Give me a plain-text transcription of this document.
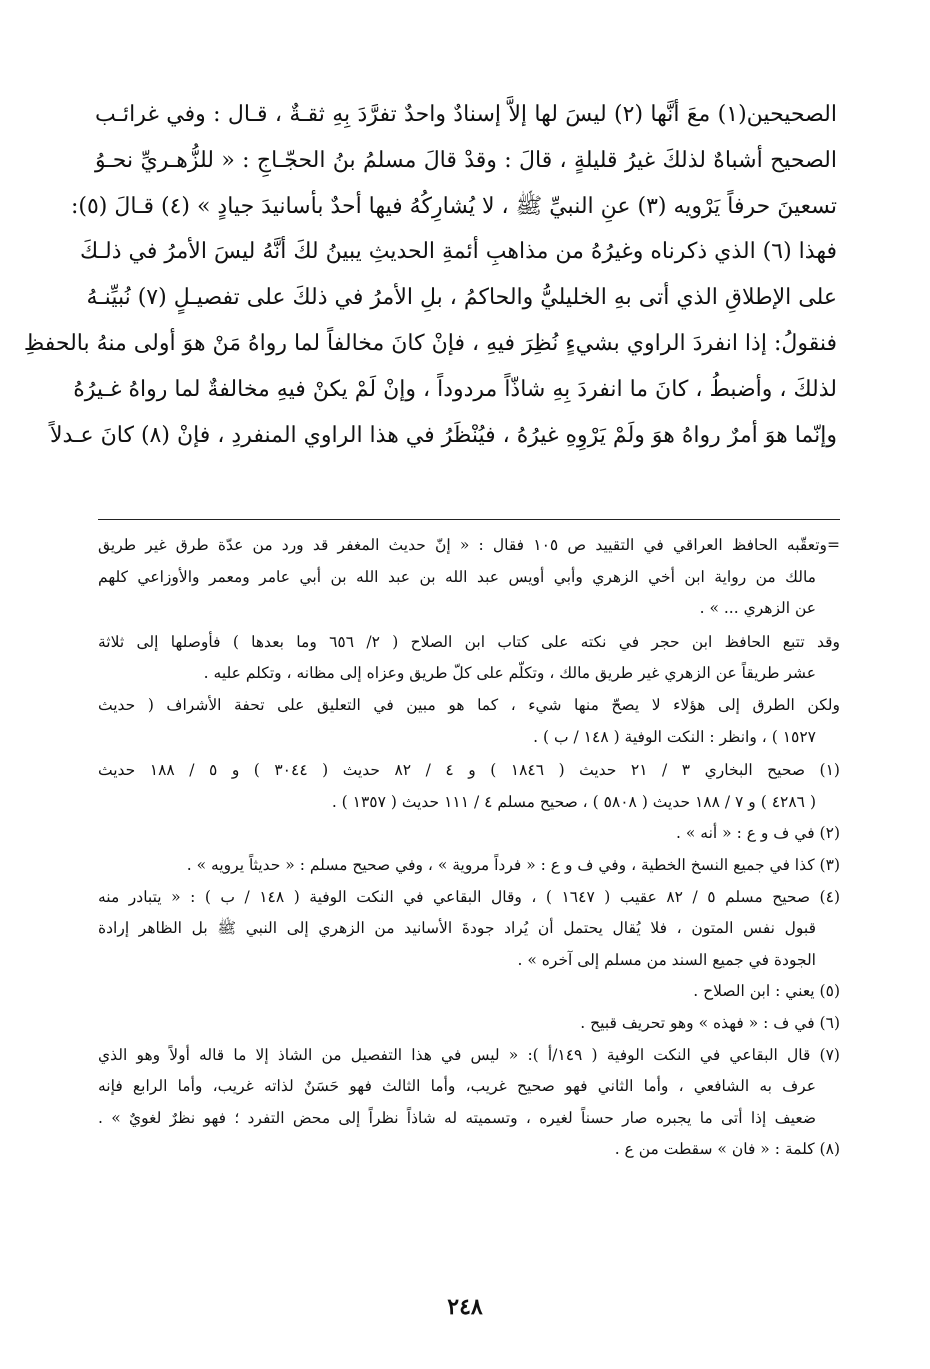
الصحيحين(١) معَ أنَّها (٢) ليسَ لها إلاَّ إسنادٌ واحدٌ تفرَّدَ بِهِ ثقـةٌ ، قـال : وفي غرائـب
الصحيح أشباهٌ لذلكَ غيرُ قليلةٍ ، قالَ : وقدْ قالَ مسلمُ بنُ الحجّـاجِ : « للزُّهـريِّ نحـوُ
تسعينَ حرفاً يَرْويه (٣) عنِ النبيِّ ﷺ ، لا يُشارِكُهُ فيها أحدٌ بأسانيدَ جيادٍ » (٤) قـالَ (٥):
فهذا (٦) الذي ذكرناه وغيرُهُ من مذاهبِ أئمةِ الحديثِ يبينُ لكَ أنَّهُ ليسَ الأمرُ في ذلـكَ
على الإطلاقِ الذي أتى بهِ الخليليُّ والحاكمُ ، بلِ الأمرُ في ذلكَ على تفصيـلٍ (٧) نُبيِّنـهُ
فنقولُ: إذا انفردَ الراوي بشيءٍ نُظِرَ فيهِ ، فإنْ كانَ مخالفاً لما رواهُ مَنْ هوَ أولى منهُ بالحفظِ
لذلكَ ، وأضبطُ ، كانَ ما انفردَ بِهِ شاذّاً مردوداً ، وإنْ لَمْ يكنْ فيهِ مخالفةٌ لما رواهُ غـيرُهُ
وإنّما هوَ أمرٌ رواهُ هوَ ولَمْ يَرْوِهِ غيرُهُ ، فيُنْظَرُ في هذا الراوي المنفردِ ، فإنْ (٨) كانَ عـدلاً
=وتعقّبه الحافظ العراقي في التقييد ص ١٠٥ فقال : « إنّ حديث المغفر قد ورد من عدّة طرق غير طريق
مالك من رواية ابن أخي الزهري وأبي أويس عبد الله بن عبد الله بن أبي عامر ومعمر والأوزاعي كلهم
عن الزهري ... » .
وقد تتبع الحافظ ابن حجر في نكته على كتاب ابن الصلاح ( ٢/ ٦٥٦ وما بعدها ) فأوصلها إلى ثلاثة
عشر طريقاً عن الزهري غير طريق مالك ، وتكلّم على كلّ طريق وعزاه إلى مظانه ، وتكلم عليه .
ولكن الطرق إلى هؤلاء لا يصحّ منها شيء ، كما هو مبين في التعليق على تحفة الأشراف ( حديث
١٥٢٧ ) ، وانظر : النكت الوفية ( ١٤٨ / ب ) .
(١) صحيح البخاري ٣ / ٢١ حديث ( ١٨٤٦ ) و ٤ / ٨٢ حديث ( ٣٠٤٤ ) و ٥ / ١٨٨ حديث
( ٤٢٨٦ ) و ٧ / ١٨٨ حديث ( ٥٨٠٨ ) ، صحيح مسلم ٤ / ١١١ حديث ( ١٣٥٧ ) .
(٢) في ف و ع : « أنه » .
(٣) كذا في جميع النسخ الخطية ، وفي ف و ع : « فرداً مروية » ، وفي صحيح مسلم : « حديثاً يرويه » .
(٤) صحيح مسلم ٥ / ٨٢ عقيب ( ١٦٤٧ ) ، وقال البقاعي في النكت الوفية ( ١٤٨ / ب ) : « يتبادر منه
قبول نفس المتون ، فلا يُقال يحتمل أن يُراد جودةَ الأسانيد من الزهري إلى النبي ﷺ بل الظاهر إرادة
الجودة في جميع السند من مسلم إلى آخره » .
(٥) يعني : ابن الصلاح .
(٦) في ف : « فهذه » وهو تحريف قبيح .
(٧) قال البقاعي في النكت الوفية ( ١٤٩/أ ): « ليس في هذا التفصيل من الشاذ إلا ما قاله أولاً وهو الذي
عرف به الشافعي ، وأما الثاني فهو صحيح غريب، وأما الثالث فهو حَسَنٌ لذاته غريب، وأما الرابع فإنه
ضعيف إذا أتى ما يجبره صار حسناً لغيره ، وتسميته له شاذاً نظراً إلى محض التفرد ؛ فهو نظرٌ لغويٌ » .
(٨) كلمة : « فان » سقطت من ع .
٢٤٨
